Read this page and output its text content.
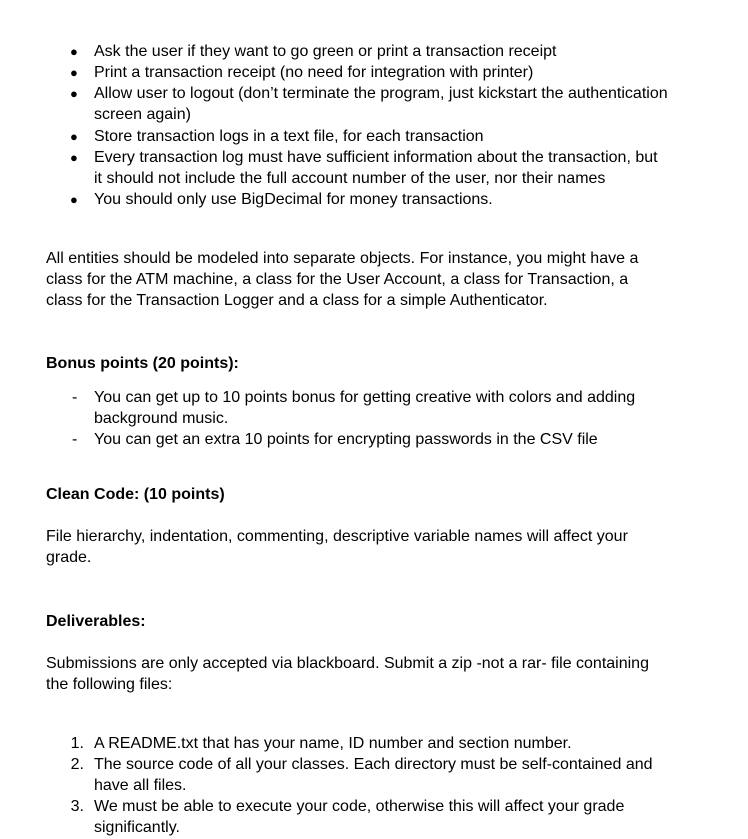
● Ask the user if they want to go green or print a transaction receipt
● Print a transaction receipt (no need for integration with printer)
● Allow user to logout (don’t terminate the program, just kickstart the authentication
screen again)
● Store transaction logs in a text file, for each transaction
● Every transaction log must have sufficient information about the transaction, but
it should not include the full account number of the user, nor their names
● You should only use BigDecimal for money transactions.
All entities should be modeled into separate objects. For instance, you might have a
class for the ATM machine, a class for the User Account, a class for Transaction, a
class for the Transaction Logger and a class for a simple Authenticator.
Bonus points (20 points):
- You can get up to 10 points bonus for getting creative with colors and adding
background music.
- You can get an extra 10 points for encrypting passwords in the CSV file
Clean Code: (10 points)
File hierarchy, indentation, commenting, descriptive variable names will affect your
grade.
Deliverables:
Submissions are only accepted via blackboard. Submit a zip -not a rar- file containing
the following files:
1. A README.txt that has your name, ID number and section number.
2. The source code of all your classes. Each directory must be self-contained and
have all files.
3. We must be able to execute your code, otherwise this will affect your grade
significantly.
